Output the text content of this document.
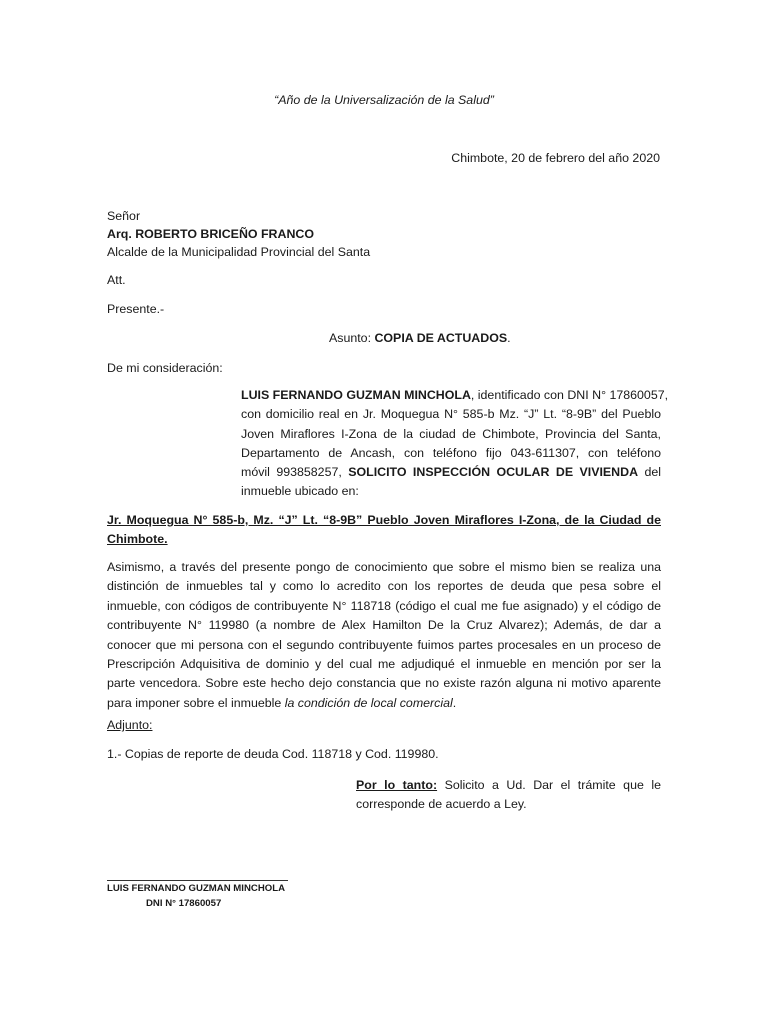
“Año de la Universalización de la Salud”
Chimbote, 20 de febrero del año 2020
Señor
Arq. ROBERTO BRICEÑO FRANCO
Alcalde de la Municipalidad Provincial del Santa
Att.
Presente.-
Asunto: COPIA DE ACTUADOS.
De mi consideración:
LUIS FERNANDO GUZMAN MINCHOLA, identificado con DNI N° 17860057,
con domicilio real en Jr. Moquegua N° 585-b Mz. “J” Lt. “8-9B” del Pueblo
Joven Miraflores I-Zona de la ciudad de Chimbote, Provincia del Santa,
Departamento de Ancash, con teléfono fijo 043-611307, con teléfono
móvil 993858257, SOLICITO INSPECCIÓN OCULAR DE VIVIENDA del
inmueble ubicado en:
Jr. Moquegua N° 585-b, Mz. “J” Lt. “8-9B” Pueblo Joven Miraflores I-Zona, de la Ciudad de
Chimbote.
Asimismo, a través del presente pongo de conocimiento que sobre el mismo bien se realiza una
distinción de inmuebles tal y como lo acredito con los reportes de deuda que pesa sobre el
inmueble, con códigos de contribuyente N° 118718 (código el cual me fue asignado) y el código de
contribuyente N° 119980 (a nombre de Alex Hamilton De la Cruz Alvarez); Además, de dar a
conocer que mi persona con el segundo contribuyente fuimos partes procesales en un proceso de
Prescripción Adquisitiva de dominio y del cual me adjudiqué el inmueble en mención por ser la
parte vencedora. Sobre este hecho dejo constancia que no existe razón alguna ni motivo aparente
para imponer sobre el inmueble la condición de local comercial.
Adjunto:
1.- Copias de reporte de deuda Cod. 118718 y Cod. 119980.
Por lo tanto: Solicito a Ud. Dar el trámite que le
corresponde de acuerdo a Ley.
LUIS FERNANDO GUZMAN MINCHOLA
DNI N° 17860057
